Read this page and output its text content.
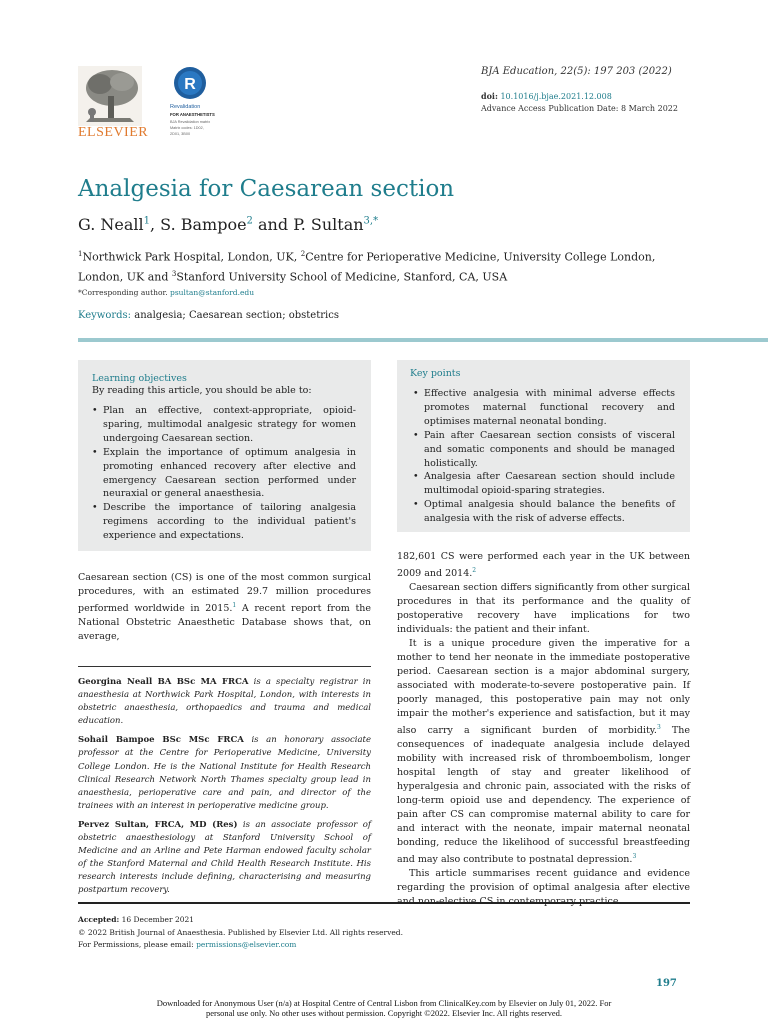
ELSEVIER
R
Revalidation
FOR ANAESTHETISTS
BJA Revalidation matrix
Matrix codes: 1D02,
2D01, 3B00
BJA Education, 22(5): 197 203 (2022)
doi: 10.1016/j.bjae.2021.12.008
Advance Access Publication Date: 8 March 2022
Analgesia for Caesarean section
G. Neall$^1$, S. Bampoe$^2$ and P. Sultan$^{3,*}$
$^1$Northwick Park Hospital, London, UK, $^2$Centre for Perioperative Medicine, University College London, London, UK and $^3$Stanford University School of Medicine, Stanford, CA, USA
*Corresponding author. psultan@stanford.edu
Keywords: analgesia; Caesarean section; obstetrics
Learning objectives
By reading this article, you should be able to:
• Plan an effective, context-appropriate, opioid-sparing, multimodal analgesic strategy for women undergoing Caesarean section.
• Explain the importance of optimum analgesia in promoting enhanced recovery after elective and emergency Caesarean section performed under neuraxial or general anaesthesia.
• Describe the importance of tailoring analgesia regimens according to the individual patient's experience and expectations.
Key points
• Effective analgesia with minimal adverse effects promotes maternal functional recovery and optimises maternal neonatal bonding.
• Pain after Caesarean section consists of visceral and somatic components and should be managed holistically.
• Analgesia after Caesarean section should include multimodal opioid-sparing strategies.
• Optimal analgesia should balance the benefits of analgesia with the risk of adverse effects.
Caesarean section (CS) is one of the most common surgical procedures, with an estimated 29.7 million procedures performed worldwide in 2015.$^1$ A recent report from the National Obstetric Anaesthetic Database shows that, on average,

Georgina Neall BA BSc MA FRCA is a specialty registrar in anaesthesia at Northwick Park Hospital, London, with interests in obstetric anaesthesia, orthopaedics and trauma and medical education.

Sohail Bampoe BSc MSc FRCA is an honorary associate professor at the Centre for Perioperative Medicine, University College London. He is the National Institute for Health Research Clinical Research Network North Thames specialty group lead in anaesthesia, perioperative care and pain, and director of the trainees with an interest in perioperative medicine group.

Pervez Sultan, FRCA, MD (Res) is an associate professor of obstetric anaesthesiology at Stanford University School of Medicine and an Arline and Pete Harman endowed faculty scholar of the Stanford Maternal and Child Health Research Institute. His research interests include defining, characterising and measuring postpartum recovery.

182,601 CS were performed each year in the UK between 2009 and 2014.$^2$

Caesarean section differs significantly from other surgical procedures in that its performance and the quality of postoperative recovery have implications for two individuals: the patient and their infant.

It is a unique procedure given the imperative for a mother to tend her neonate in the immediate postoperative period. Caesarean section is a major abdominal surgery, associated with moderate-to-severe postoperative pain. If poorly managed, this postoperative pain may not only impair the mother's experience and satisfaction, but it may also carry a significant burden of morbidity.$^3$ The consequences of inadequate analgesia include delayed mobility with increased risk of thromboembolism, longer hospital length of stay and greater likelihood of hyperalgesia and chronic pain, associated with the risks of long-term opioid use and dependency. The experience of pain after CS can compromise maternal ability to care for and interact with the neonate, impair maternal neonatal bonding, reduce the likelihood of successful breastfeeding and may also contribute to postnatal depression.$^3$

This article summarises recent guidance and evidence regarding the provision of optimal analgesia after elective

Accepted: 16 December 2021
© 2022 British Journal of Anaesthesia. Published by Elsevier Ltd. All rights reserved.
For Permissions, please email: permissions@elsevier.com
197
Downloaded for Anonymous User (n/a) at Hospital Centre of Central Lisbon from ClinicalKey.com by Elsevier on July 01, 2022. For personal use only. No other uses without permission. Copyright ©2022. Elsevier Inc. All rights reserved.
